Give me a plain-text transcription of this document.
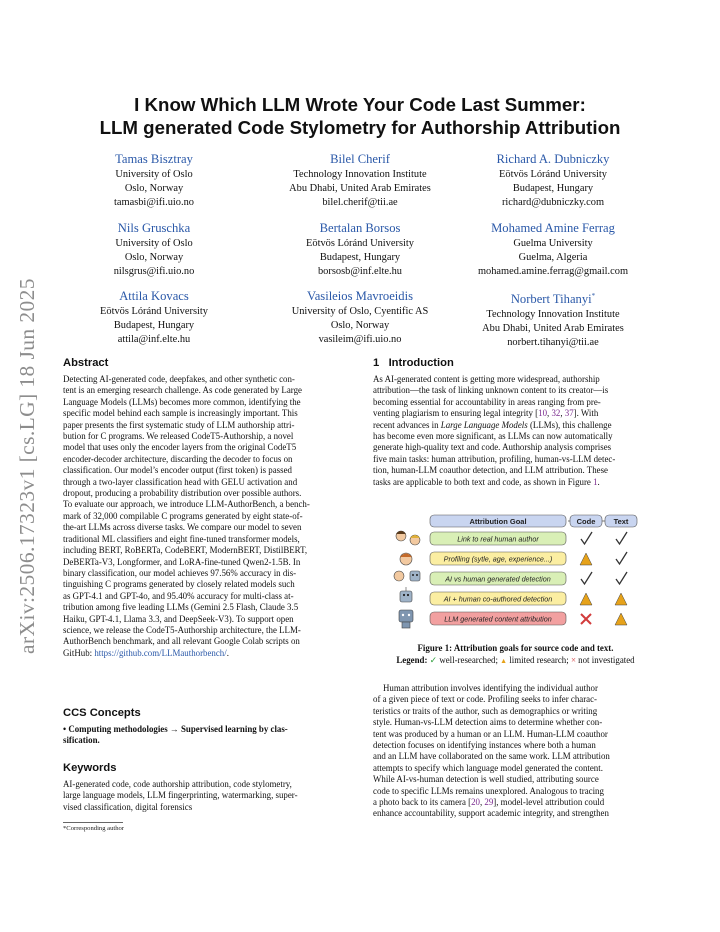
arXiv:2506.17323v1 [cs.LG] 18 Jun 2025
I Know Which LLM Wrote Your Code Last Summer:
LLM generated Code Stylometry for Authorship Attribution
Tamas Bisztray
University of Oslo
Oslo, Norway
tamasbi@ifi.uio.no
Bilel Cherif
Technology Innovation Institute
Abu Dhabi, United Arab Emirates
bilel.cherif@tii.ae
Richard A. Dubniczky
Eötvös Lóránd University
Budapest, Hungary
richard@dubniczky.com
Nils Gruschka
University of Oslo
Oslo, Norway
nilsgrus@ifi.uio.no
Bertalan Borsos
Eötvös Lóránd University
Budapest, Hungary
borsosb@inf.elte.hu
Mohamed Amine Ferrag
Guelma University
Guelma, Algeria
mohamed.amine.ferrag@gmail.com
Attila Kovacs
Eötvös Lóránd University
Budapest, Hungary
attila@inf.elte.hu
Vasileios Mavroeidis
University of Oslo, Cyentific AS
Oslo, Norway
vasileim@ifi.uio.no
Norbert Tihanyi*
Technology Innovation Institute
Abu Dhabi, United Arab Emirates
norbert.tihanyi@tii.ae
Abstract

Detecting AI-generated code, deepfakes, and other synthetic con-

tent is an emerging research challenge. As code generated by Large

Language Models (LLMs) becomes more common, identifying the

specific model behind each sample is increasingly important. This

paper presents the first systematic study of LLM authorship attri-

bution for C programs. We released CodeT5-Authorship, a novel

model that uses only the encoder layers from the original CodeT5

encoder-decoder architecture, discarding the decoder to focus on

classification. Our model’s encoder output (first token) is passed

through a two-layer classification head with GELU activation and

dropout, producing a probability distribution over possible authors.

To evaluate our approach, we introduce LLM-AuthorBench, a bench-

mark of 32,000 compilable C programs generated by eight state-of-

the-art LLMs across diverse tasks. We compare our model to seven

traditional ML classifiers and eight fine-tuned transformer models,

including BERT, RoBERTa, CodeBERT, ModernBERT, DistilBERT,

DeBERTa-V3, Longformer, and LoRA-fine-tuned Qwen2-1.5B. In

binary classification, our model achieves 97.56% accuracy in dis-

tinguishing C programs generated by closely related models such

as GPT-4.1 and GPT-4o, and 95.40% accuracy for multi-class at-

tribution among five leading LLMs (Gemini 2.5 Flash, Claude 3.5

Haiku, GPT-4.1, Llama 3.3, and DeepSeek-V3). To support open

science, we release the CodeT5-Authorship architecture, the LLM-

AuthorBench benchmark, and all relevant Google Colab scripts on

GitHub: https://github.com/LLMauthorbench/.

CCS Concepts

• Computing methodologies → Supervised learning by clas-

sification.

Keywords

AI-generated code, code authorship attribution, code stylometry,

large language models, LLM fingerprinting, watermarking, super-

vised classification, digital forensics

*Corresponding author
1 Introduction

As AI-generated content is getting more widespread, authorship

attribution—the task of linking unknown content to its creator—is

becoming essential for accountability in areas ranging from pre-

venting plagiarism to ensuring legal integrity [10, 32, 37]. With

recent advances in Large Language Models (LLMs), this challenge

has become even more significant, as LLMs can now automatically

generate high-quality text and code. Authorship analysis comprises

five main tasks: human attribution, profiling, human-vs-LLM detec-

tion, human-LLM coauthor detection, and LLM attribution. These

tasks are applicable to both text and code, as shown in Figure 1.

Attribution Goal	Code Text
Link to real human author
Profiling (sytle, age, experience...)
AI vs human generated detection
AI + human co-authored detection
LLM generated content attribution
Figure 1: Attribution goals for source code and text.
Legend: ✓ well-researched; ▲ limited research; × not investigated

Human attribution involves identifying the individual author

of a given piece of text or code. Profiling seeks to infer charac-

teristics or traits of the author, such as demographics or writing

style. Human-vs-LLM detection aims to determine whether con-

tent was produced by a human or an LLM. Human-LLM coauthor

detection focuses on identifying instances where both a human

and an LLM have collaborated on the same work. LLM attribution

attempts to specify which language model generated the content.

While AI-vs-human detection is well studied, attributing source

code to specific LLMs remains unexplored. Analogous to tracing

a photo back to its camera [20, 29], model-level attribution could

enhance accountability, support academic integrity, and strengthen
